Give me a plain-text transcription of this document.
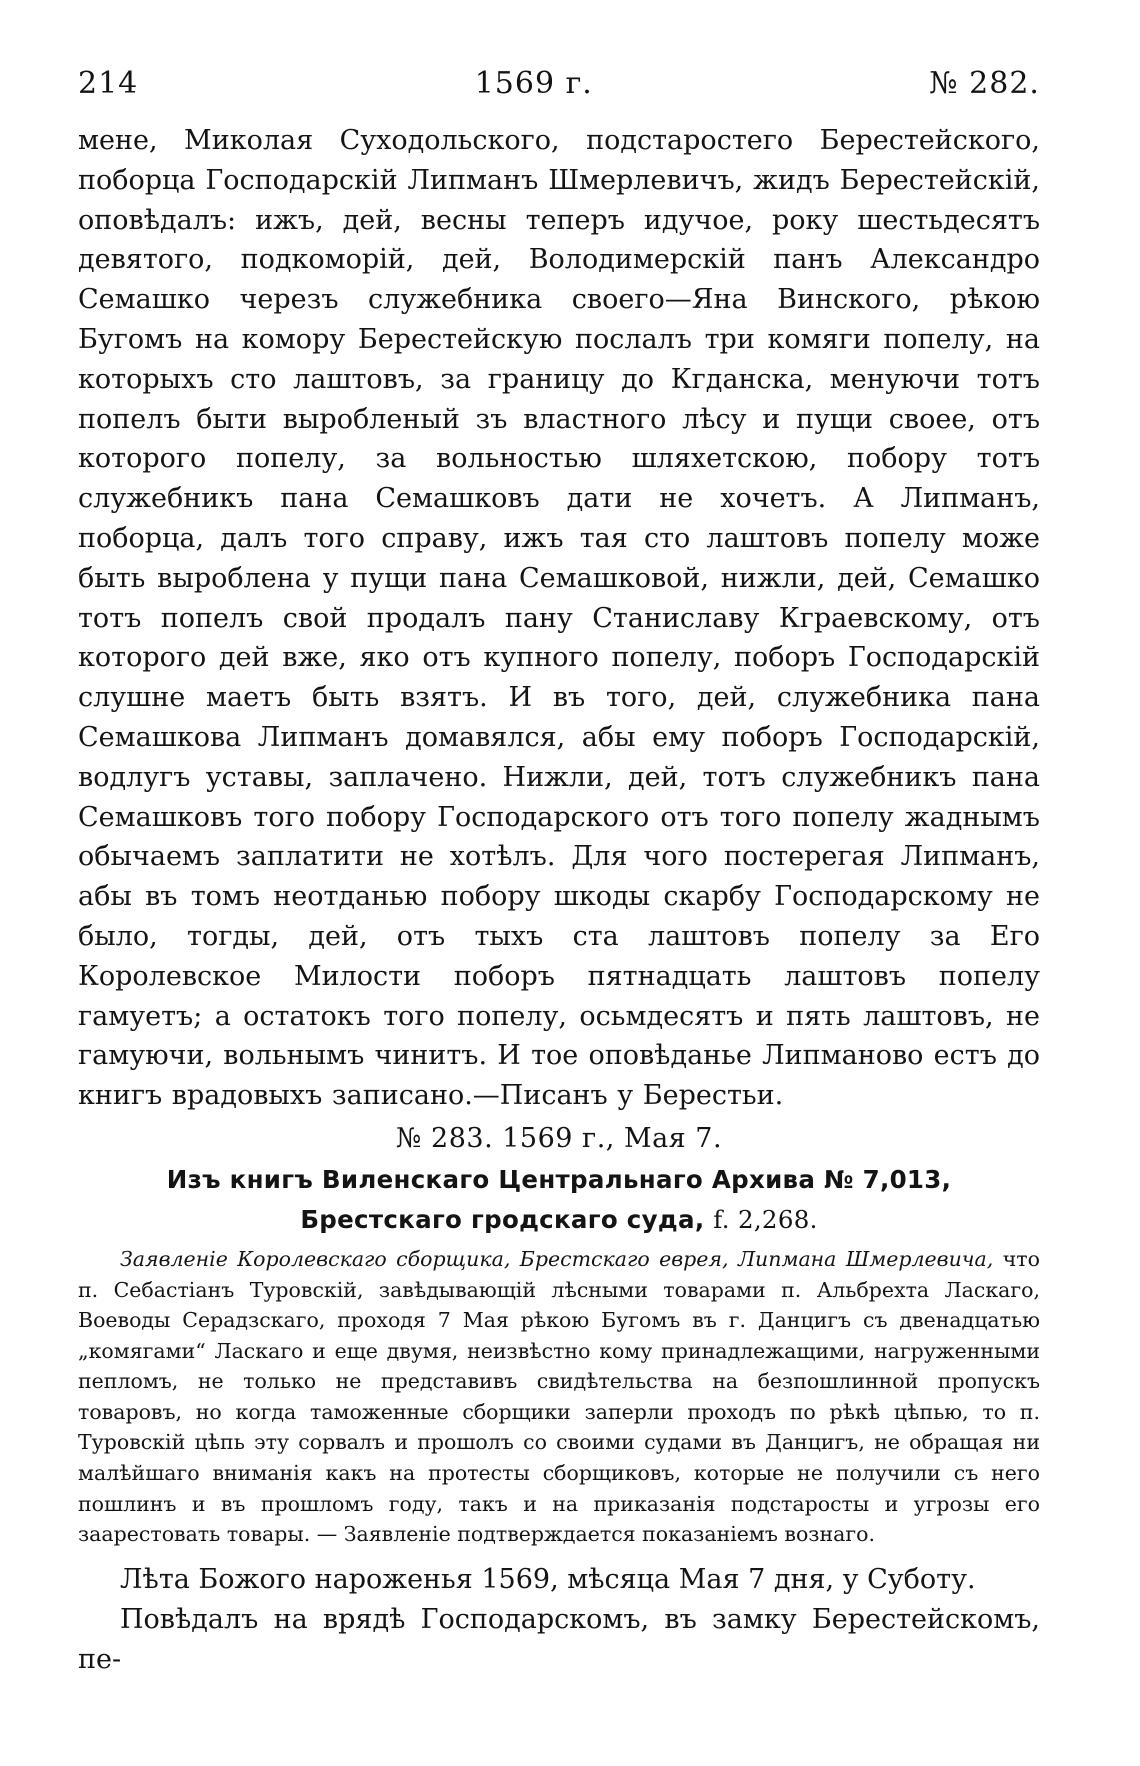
214	1569 г.	№ 282.

мене, Миколая Суходольского, подстаростего Берестейского, поборца Господарскій Липманъ Шмерлевичъ, жидъ Берестейскій, оповѣдалъ: ижъ, дей, весны теперъ идучое, року шестьдесятъ девятого, подкоморій, дей, Володимерскій панъ Александро Семашко черезъ служебника своего—Яна Винского, рѣкою Бугомъ на комору Берестейскую послалъ три комяги попелу, на которыхъ сто лаштовъ, за границу до Кгданска, менуючи тотъ попелъ быти выробленый зъ властного лѣсу и пущи своее, отъ которого попелу, за вольностью шляхетскою, побору тотъ служебникъ пана Семашковъ дати не хочетъ. А Липманъ, поборца, далъ того справу, ижъ тая сто лаштовъ попелу може быть выроблена у пущи пана Семашковой, нижли, дей, Семашко тотъ попелъ свой продалъ пану Станиславу Кграевскому, отъ которого дей вже, яко отъ купного попелу, поборъ Господарскій слушне маетъ быть взятъ. И въ того, дей, служебника пана Семашкова Липманъ домавялся, абы ему поборъ Господарскій, водлугъ уставы, заплачено. Нижли, дей, тотъ служебникъ пана Семашковъ того побору Господарского отъ того попелу жаднымъ обычаемъ заплатити не хотѣлъ. Для чого постерегая Липманъ, абы въ томъ неотданью побору шкоды скарбу Господарскому не было, тогды, дей, отъ тыхъ ста лаштовъ попелу за Его Королевское Милости поборъ пятнадцать лаштовъ попелу гамуетъ; а остатокъ того попелу, осьмдесятъ и пять лаштовъ, не гамуючи, вольнымъ чинитъ. И тое оповѣданье Липманово естъ до книгъ врадовыхъ записано.—Писанъ у Берестьи.

№ 283. 1569 г., Мая 7.
Изъ книгъ Виленскаго Центральнаго Архива № 7,013, Брестскаго гродскаго суда, f. 2,268.
Заявленіе Королевскаго сборщика, Брестскаго еврея, Липмана Шмерлевича, что п. Себастіанъ Туровскій, завѣдывающій лѣсными товарами п. Альбрехта Ласкаго, Воеводы Серадзскаго, проходя 7 Мая рѣкою Бугомъ въ г. Данцигъ съ двенадцатью „комягами“ Ласкаго и еще двумя, неизвѣстно кому принадлежащими, нагруженными пепломъ, не только не представивъ свидѣтельства на безпошлинной пропускъ товаровъ, но когда таможенные сборщики заперли проходъ по рѣкѣ цѣпью, то п. Туровскій цѣпь эту сорвалъ и прошолъ со своими судами въ Данцигъ, не обращая ни малѣйшаго вниманія какъ на протесты сборщиковъ, которые не получили съ него пошлинъ и въ прошломъ году, такъ и на приказанія подстаросты и угрозы его заарестовать товары. — Заявленіе подтверждается показаніемъ вознаго.

Лѣта Божого нароженья 1569, мѣсяца Мая 7 дня, у Суботу.

Повѣдалъ на врядѣ Господарскомъ, въ замку Берестейскомъ, пе-
